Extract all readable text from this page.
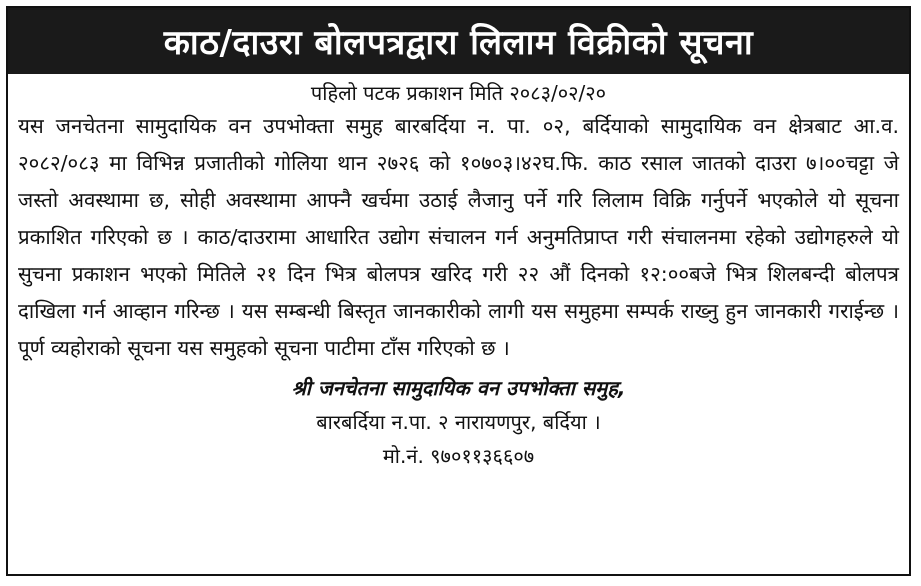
काठ/दाउरा बोलपत्रद्वारा लिलाम विक्रीको सूचना
पहिलो पटक प्रकाशन मिति २०८३/०२/२०
यस जनचेतना सामुदायिक वन उपभोक्ता समुह बारबर्दिया न. पा. ०२, बर्दियाको सामुदायिक वन क्षेत्रबाट आ.व. २०८२/०८३ मा विभिन्न प्रजातीको गोलिया थान २७२६ को १०७०३।४२घ.फि. काठ रसाल जातको दाउरा ७।००चट्टा जे जस्तो अवस्थामा छ, सोही अवस्थामा आफ्नै खर्चमा उठाई लैजानु पर्ने गरि लिलाम विक्रि गर्नुपर्ने भएकोले यो सूचना प्रकाशित गरिएको छ । काठ/दाउरामा आधारित उद्योग संचालन गर्न अनुमतिप्राप्त गरी संचालनमा रहेको उद्योगहरुले यो सुचना प्रकाशन भएको मितिले २१ दिन भित्र बोलपत्र खरिद गरी २२ औं दिनको १२:००बजे भित्र शिलबन्दी बोलपत्र दाखिला गर्न आव्हान गरिन्छ । यस सम्बन्धी बिस्तृत जानकारीको लागी यस समुहमा सम्पर्क राख्नु हुन जानकारी गराईन्छ । पूर्ण व्यहोराको सूचना यस समुहको सूचना पाटीमा टाँस गरिएको छ ।
श्री जनचेतना सामुदायिक वन उपभोक्ता समुह,
बारबर्दिया न.पा. २ नारायणपुर, बर्दिया ।
मो.नं. ९७०११३६६०७
